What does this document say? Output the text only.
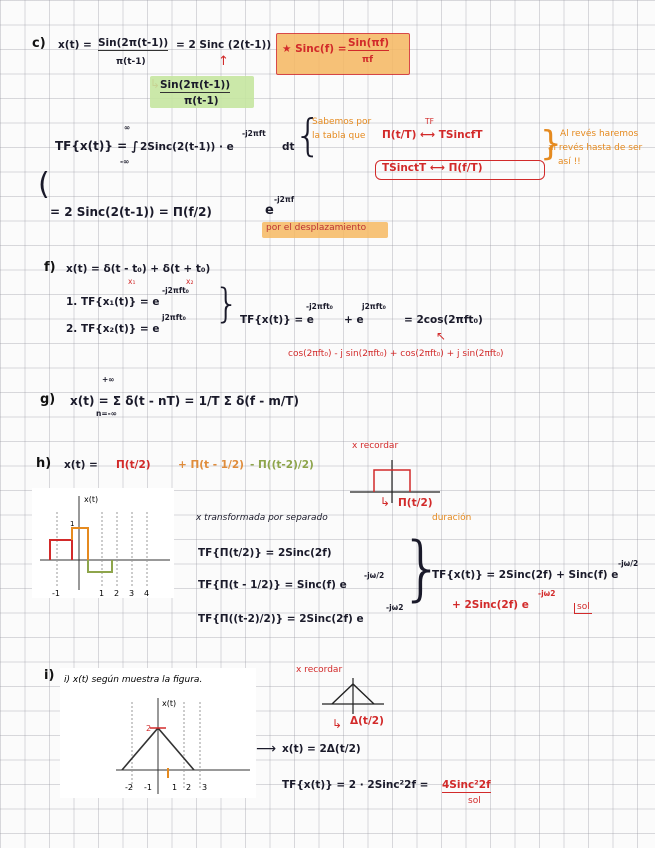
c) x(t) = Sin(2π(t-1))
π(t-1)
= 2 Sinc (2(t-1)) ★ Sinc(f) = Sin(πf)
πf
↑
Sin(2π(t-1))
π(t-1)
TF{x(t)} = ∫
∞
-∞
2Sinc(2(t-1)) · e
-j2πft
dt {
Sabemos por
la tabla que
TF
Π(t/T) ⟷ TSincfT
TSinctT ⟷ Π(f/T)
}
Al revés haremos
al revés hasta de ser
así !!
(
= 2 Sinc(2(t-1)) = Π(f/2)	e
-j2πf
por el desplazamiento
f) x(t) = δ(t - t₀) + δ(t + t₀)
x₁	x₂
1. TF{x₁(t)} = e
-j2πft₀
2. TF{x₂(t)} = e
j2πft₀ } TF{x(t)} = e
-j2πft₀
+ e
j2πft₀
= 2cos(2πft₀)
↖
cos(2πft₀) - j sin(2πft₀) + cos(2πft₀) + j sin(2πft₀)
g)
+∞
n=-∞
x(t) = Σ δ(t - nT) = 1/T Σ δ(f - m/T)
h) x(t) = Π(t/2)	+ Π(t - 1/2) - Π((t-2)/2)
x recordar
↳ Π(t/2)
duración
x(t)
1
-1	1 2 3 4
x transformada por separado
TF{Π(t/2)} = 2Sinc(2f)
TF{Π(t - 1/2)} = Sinc(f) e
-jω/2
TF{Π((t-2)/2)} = 2Sinc(2f) e
-jω2
}
TF{x(t)} = 2Sinc(2f) + Sinc(f) e
-jω/2
+ 2Sinc(2f) e
-jω2
sol
i) i) x(t) según muestra la figura.
x(t)
2
-2 -1	1 2 3
x recordar
↳ Δ(t/2)
⟶ x(t) = 2Δ(t/2)
TF{x(t)} = 2 · 2Sinc²2f = 4Sinc²2f
sol
